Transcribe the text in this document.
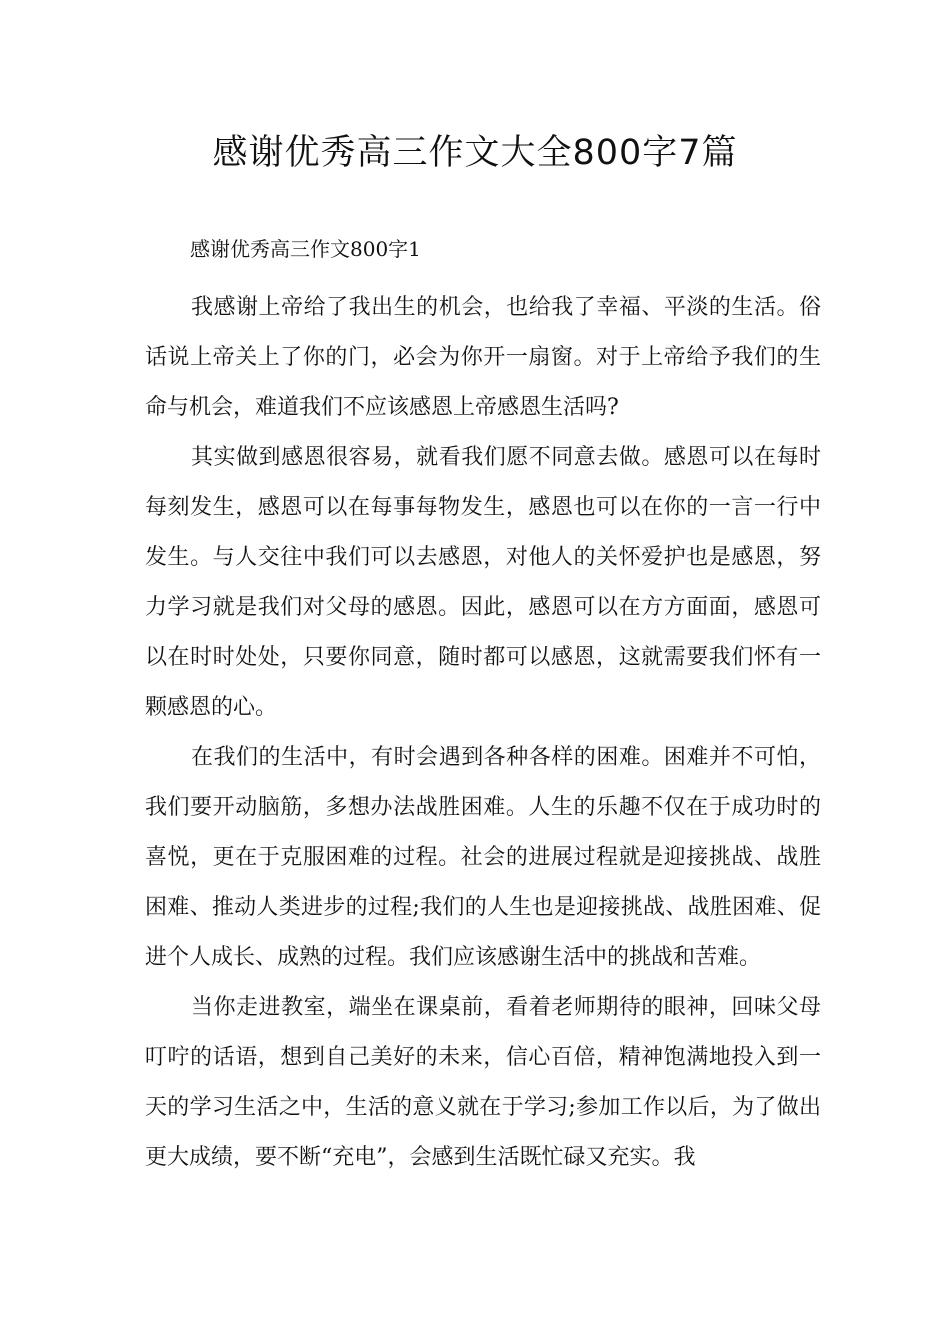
感谢优秀高三作文大全800字7篇

感谢优秀高三作文800字1

我感谢上帝给了我出生的机会，也给我了幸福、平淡的生活。俗话说上帝关上了你的门，必会为你开一扇窗。对于上帝给予我们的生命与机会，难道我们不应该感恩上帝感恩生活吗?

其实做到感恩很容易，就看我们愿不同意去做。感恩可以在每时每刻发生，感恩可以在每事每物发生，感恩也可以在你的一言一行中发生。与人交往中我们可以去感恩，对他人的关怀爱护也是感恩，努力学习就是我们对父母的感恩。因此，感恩可以在方方面面，感恩可以在时时处处，只要你同意，随时都可以感恩，这就需要我们怀有一颗感恩的心。

在我们的生活中，有时会遇到各种各样的困难。困难并不可怕，我们要开动脑筋，多想办法战胜困难。人生的乐趣不仅在于成功时的喜悦，更在于克服困难的过程。社会的进展过程就是迎接挑战、战胜困难、推动人类进步的过程;我们的人生也是迎接挑战、战胜困难、促进个人成长、成熟的过程。我们应该感谢生活中的挑战和苦难。

当你走进教室，端坐在课桌前，看着老师期待的眼神，回味父母叮咛的话语，想到自己美好的未来，信心百倍，精神饱满地投入到一天的学习生活之中，生活的意义就在于学习;参加工作以后，为了做出更大成绩，要不断“充电”，会感到生活既忙碌又充实。我
